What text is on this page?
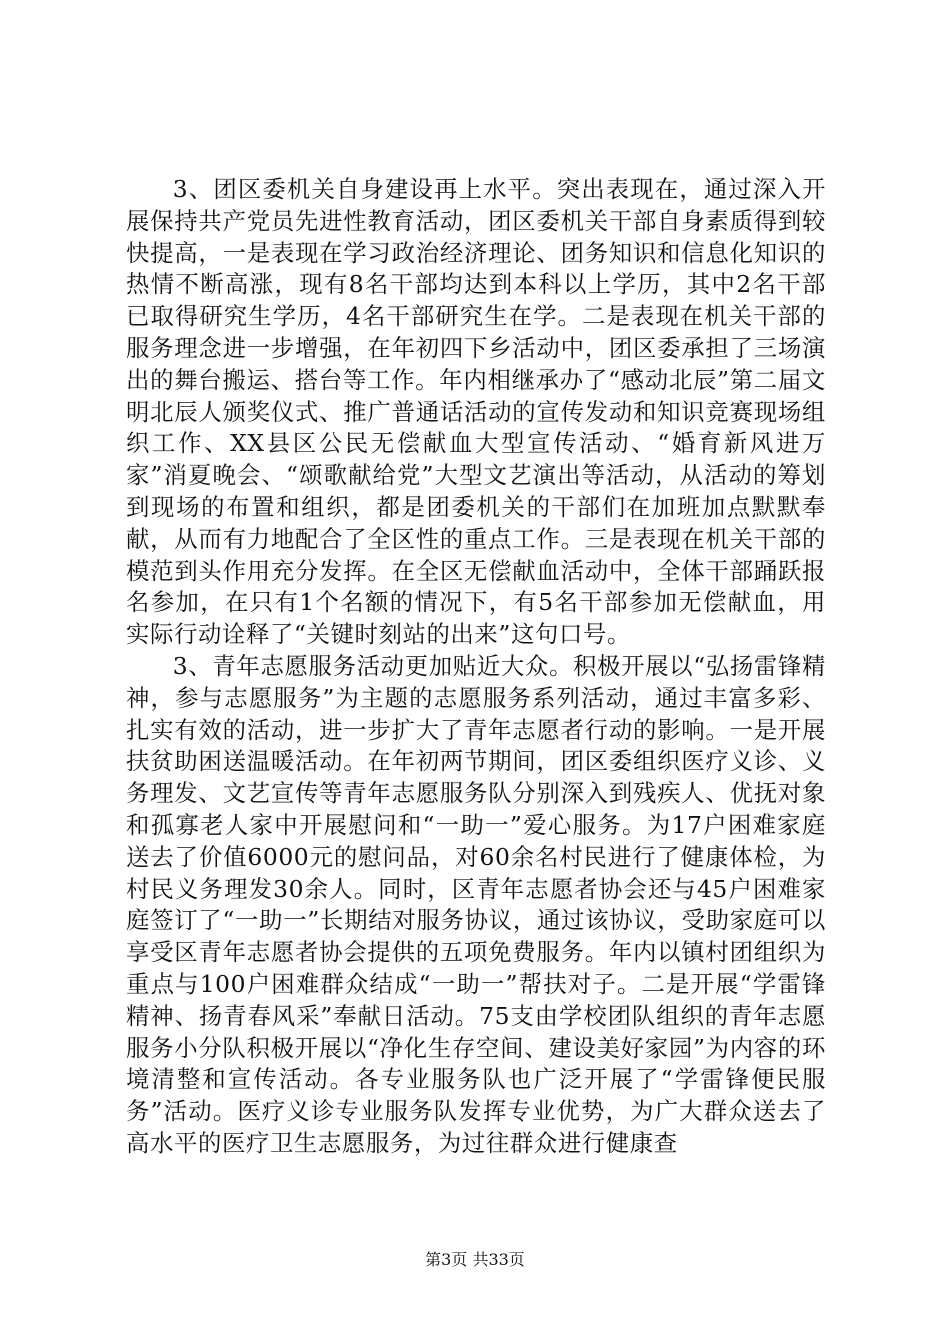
3、团区委机关自身建设再上水平。突出表现在，通过深入开展保持共产党员先进性教育活动，团区委机关干部自身素质得到较快提高，一是表现在学习政治经济理论、团务知识和信息化知识的热情不断高涨，现有8名干部均达到本科以上学历，其中2名干部已取得研究生学历，4名干部研究生在学。二是表现在机关干部的服务理念进一步增强，在年初四下乡活动中，团区委承担了三场演出的舞台搬运、搭台等工作。年内相继承办了“感动北辰”第二届文明北辰人颁奖仪式、推广普通话活动的宣传发动和知识竞赛现场组织工作、XX县区公民无偿献血大型宣传活动、“婚育新风进万家”消夏晚会、“颂歌献给党”大型文艺演出等活动，从活动的筹划到现场的布置和组织，都是团委机关的干部们在加班加点默默奉献，从而有力地配合了全区性的重点工作。三是表现在机关干部的模范到头作用充分发挥。在全区无偿献血活动中，全体干部踊跃报名参加，在只有1个名额的情况下，有5名干部参加无偿献血，用实际行动诠释了“关键时刻站的出来”这句口号。

3、青年志愿服务活动更加贴近大众。积极开展以“弘扬雷锋精神，参与志愿服务”为主题的志愿服务系列活动，通过丰富多彩、扎实有效的活动，进一步扩大了青年志愿者行动的影响。一是开展扶贫助困送温暖活动。在年初两节期间，团区委组织医疗义诊、义务理发、文艺宣传等青年志愿服务队分别深入到残疾人、优抚对象和孤寡老人家中开展慰问和“一助一”爱心服务。为17户困难家庭送去了价值6000元的慰问品，对60余名村民进行了健康体检，为村民义务理发30余人。同时，区青年志愿者协会还与45户困难家庭签订了“一助一”长期结对服务协议，通过该协议，受助家庭可以享受区青年志愿者协会提供的五项免费服务。年内以镇村团组织为重点与100户困难群众结成“一助一”帮扶对子。二是开展“学雷锋精神、扬青春风采”奉献日活动。75支由学校团队组织的青年志愿服务小分队积极开展以“净化生存空间、建设美好家园”为内容的环境清整和宣传活动。各专业服务队也广泛开展了“学雷锋便民服务”活动。医疗义诊专业服务队发挥专业优势，为广大群众送去了高水平的医疗卫生志愿服务，为过往群众进行健康查

第3页 共33页
